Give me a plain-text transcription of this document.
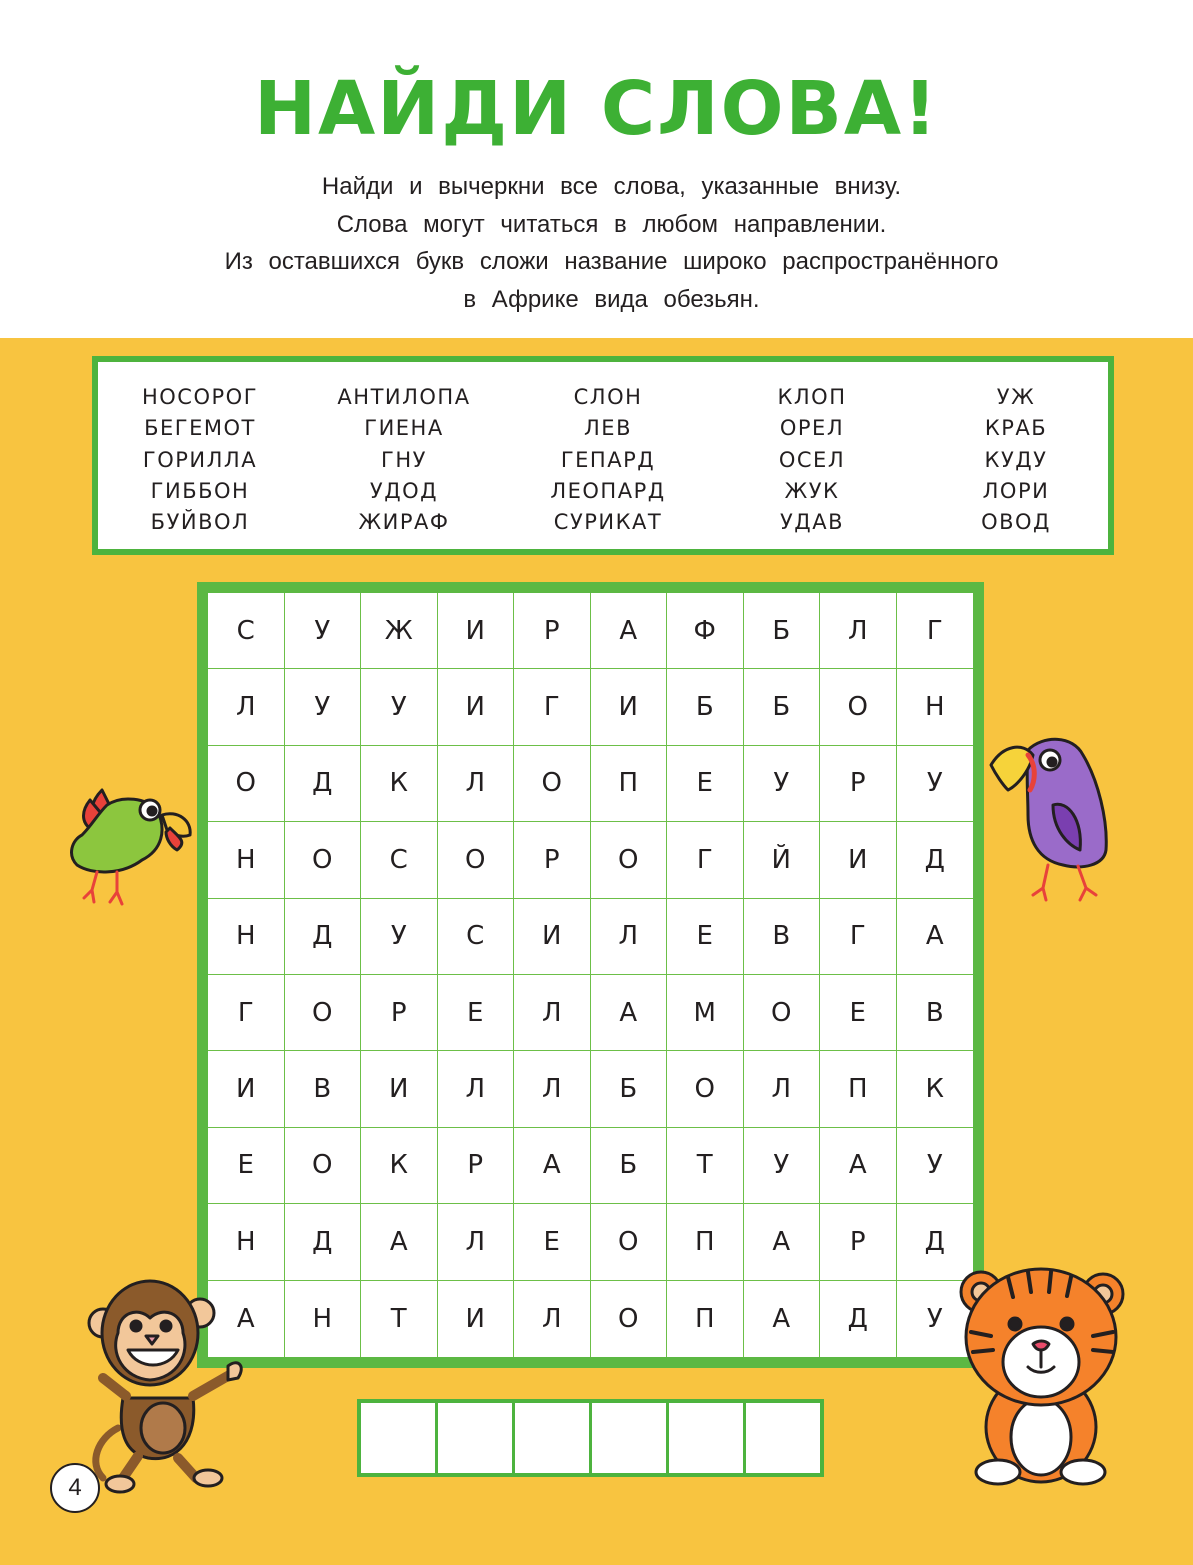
НАЙДИ СЛОВА!
Найди и вычеркни все слова, указанные внизу.
Слова могут читаться в любом направлении.
Из оставшихся букв сложи название широко распространённого
в Африке вида обезьян.
НОСОРОГ
БЕГЕМОТ
ГОРИЛЛА
ГИББОН
БУЙВОЛ
АНТИЛОПА
ГИЕНА
ГНУ
УДОД
ЖИРАФ
СЛОН
ЛЕВ
ГЕПАРД
ЛЕОПАРД
СУРИКАТ
КЛОП
ОРЕЛ
ОСЕЛ
ЖУК
УДАВ
УЖ
КРАБ
КУДУ
ЛОРИ
ОВОД
С	У	Ж	И	Р	А	Ф	Б	Л	Г
Л	У	У	И	Г	И	Б	Б	О	Н
О	Д	К	Л	О	П	Е	У	Р	У
Н	О	С	О	Р	О	Г	Й	И	Д
Н	Д	У	С	И	Л	Е	В	Г	А
Г	О	Р	Е	Л	А	М	О	Е	В
И	В	И	Л	Л	Б	О	Л	П	К
Е	О	К	Р	А	Б	Т	У	А	У
Н	Д	А	Л	Е	О	П	А	Р	Д
А	Н	Т	И	Л	О	П	А	Д	У
4
